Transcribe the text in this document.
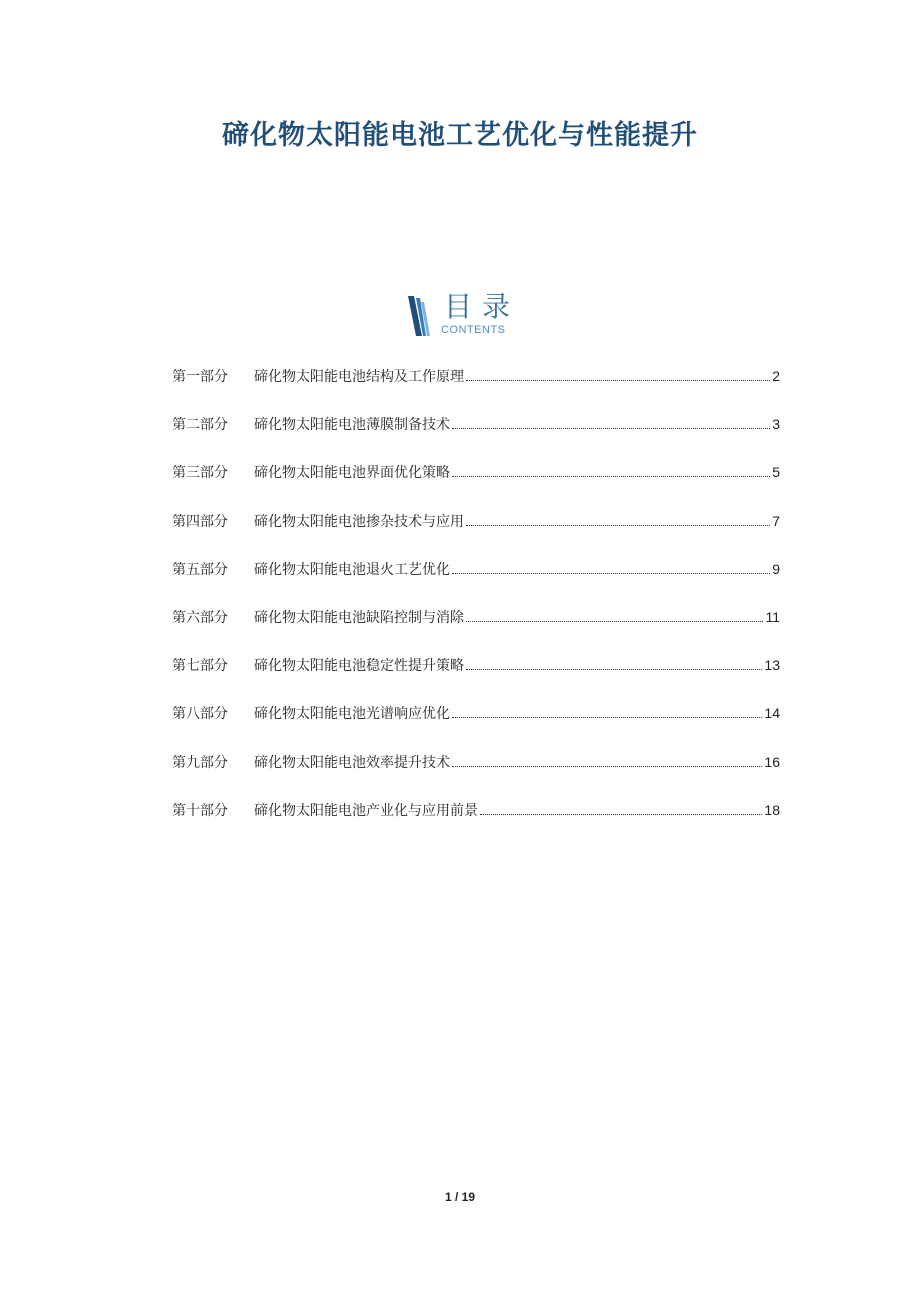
碲化物太阳能电池工艺优化与性能提升
目录
CONTENTS
第一部分	碲化物太阳能电池结构及工作原理	2
第二部分	碲化物太阳能电池薄膜制备技术	3
第三部分	碲化物太阳能电池界面优化策略	5
第四部分	碲化物太阳能电池掺杂技术与应用	7
第五部分	碲化物太阳能电池退火工艺优化	9
第六部分	碲化物太阳能电池缺陷控制与消除	11
第七部分	碲化物太阳能电池稳定性提升策略	13
第八部分	碲化物太阳能电池光谱响应优化	14
第九部分	碲化物太阳能电池效率提升技术	16
第十部分	碲化物太阳能电池产业化与应用前景	18
1 / 19
